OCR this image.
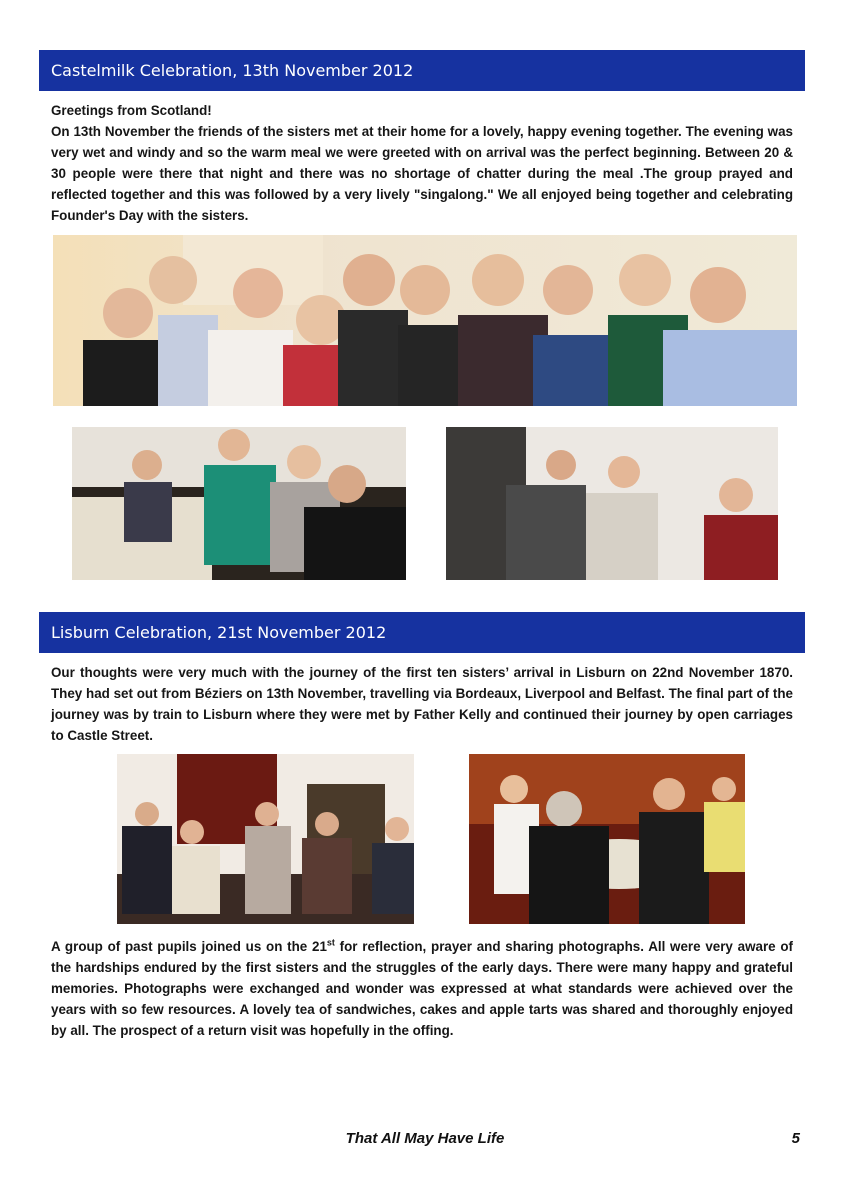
Castelmilk Celebration, 13th November 2012

Greetings from Scotland!

On 13th November the friends of the sisters met at their home for a lovely, happy evening together. The evening was very wet and windy and so the warm meal we were greeted with on arrival was the perfect beginning. Between 20 & 30 people were there that night and there was no shortage of chatter during the meal .The group prayed and reflected together and this was followed by a very lively "singalong." We all enjoyed being together and celebrating Founder's Day with the sisters.

Lisburn Celebration, 21st November 2012

Our thoughts were very much with the journey of the first ten sisters’ arrival in Lisburn on 22nd November 1870. They had set out from Béziers on 13th November, travelling via Bordeaux, Liverpool and Belfast. The final part of the journey was by train to Lisburn where they were met by Father Kelly and continued their journey by open carriages to Castle Street.

A group of past pupils joined us on the 21st for reflection, prayer and sharing photographs. All were very aware of the hardships endured by the first sisters and the struggles of the early days. There were many happy and grateful memories. Photographs were exchanged and wonder was expressed at what standards were achieved over the years with so few resources. A lovely tea of sandwiches, cakes and apple tarts was shared and thoroughly enjoyed by all. The prospect of a return visit was hopefully in the offing.

That All May Have Life	5
